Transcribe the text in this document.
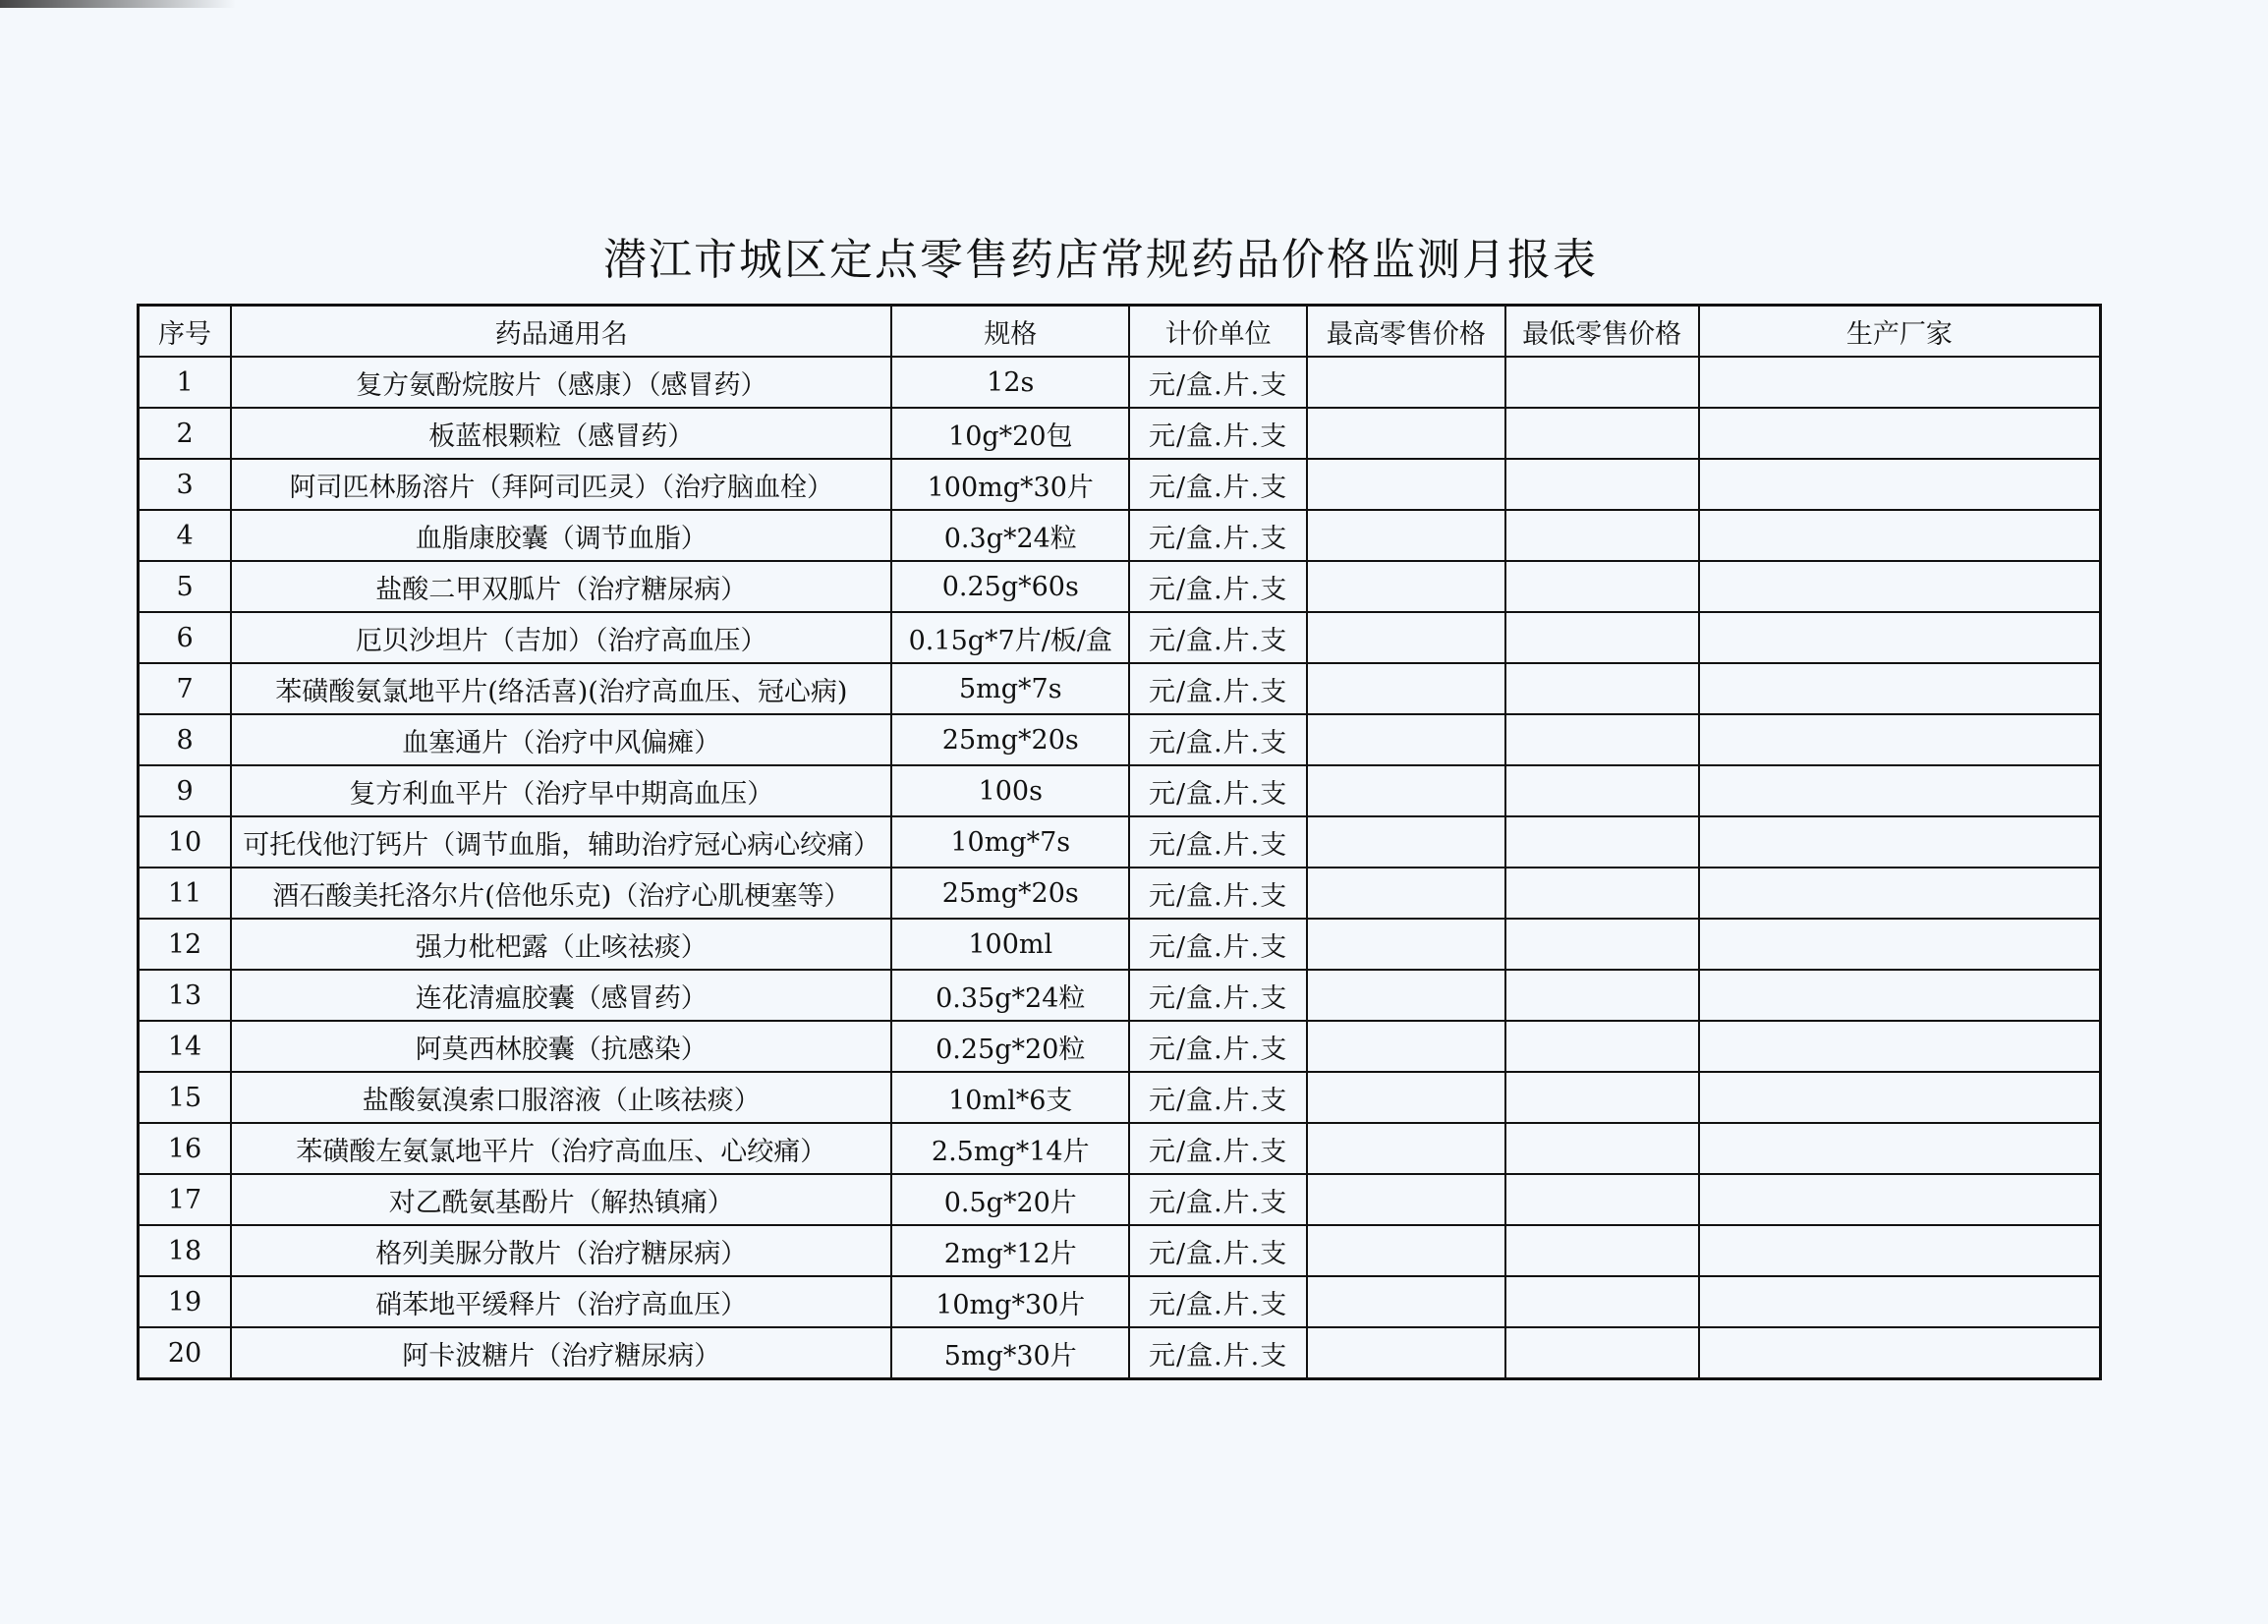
潜江市城区定点零售药店常规药品价格监测月报表
序号	药品通用名	规格	计价单位	最高零售价格	最低零售价格	生产厂家
1	复方氨酚烷胺片（感康）（感冒药）	12s	元/盒.片.支			
2	板蓝根颗粒（感冒药）	10g*20包	元/盒.片.支			
3	阿司匹林肠溶片（拜阿司匹灵）（治疗脑血栓）	100mg*30片	元/盒.片.支			
4	血脂康胶囊（调节血脂）	0.3g*24粒	元/盒.片.支			
5	盐酸二甲双胍片（治疗糖尿病）	0.25g*60s	元/盒.片.支			
6	厄贝沙坦片（吉加）（治疗高血压）	0.15g*7片/板/盒	元/盒.片.支			
7	苯磺酸氨氯地平片(络活喜)(治疗高血压、冠心病)	5mg*7s	元/盒.片.支			
8	血塞通片（治疗中风偏瘫）	25mg*20s	元/盒.片.支			
9	复方利血平片（治疗早中期高血压）	100s	元/盒.片.支			
10	可托伐他汀钙片（调节血脂，辅助治疗冠心病心绞痛）	10mg*7s	元/盒.片.支			
11	酒石酸美托洛尔片(倍他乐克)（治疗心肌梗塞等）	25mg*20s	元/盒.片.支			
12	强力枇杷露（止咳祛痰）	100ml	元/盒.片.支			
13	连花清瘟胶囊（感冒药）	0.35g*24粒	元/盒.片.支			
14	阿莫西林胶囊（抗感染）	0.25g*20粒	元/盒.片.支			
15	盐酸氨溴索口服溶液（止咳祛痰）	10ml*6支	元/盒.片.支			
16	苯磺酸左氨氯地平片（治疗高血压、心绞痛）	2.5mg*14片	元/盒.片.支			
17	对乙酰氨基酚片（解热镇痛）	0.5g*20片	元/盒.片.支			
18	格列美脲分散片（治疗糖尿病）	2mg*12片	元/盒.片.支			
19	硝苯地平缓释片（治疗高血压）	10mg*30片	元/盒.片.支			
20	阿卡波糖片（治疗糖尿病）	5mg*30片	元/盒.片.支			
